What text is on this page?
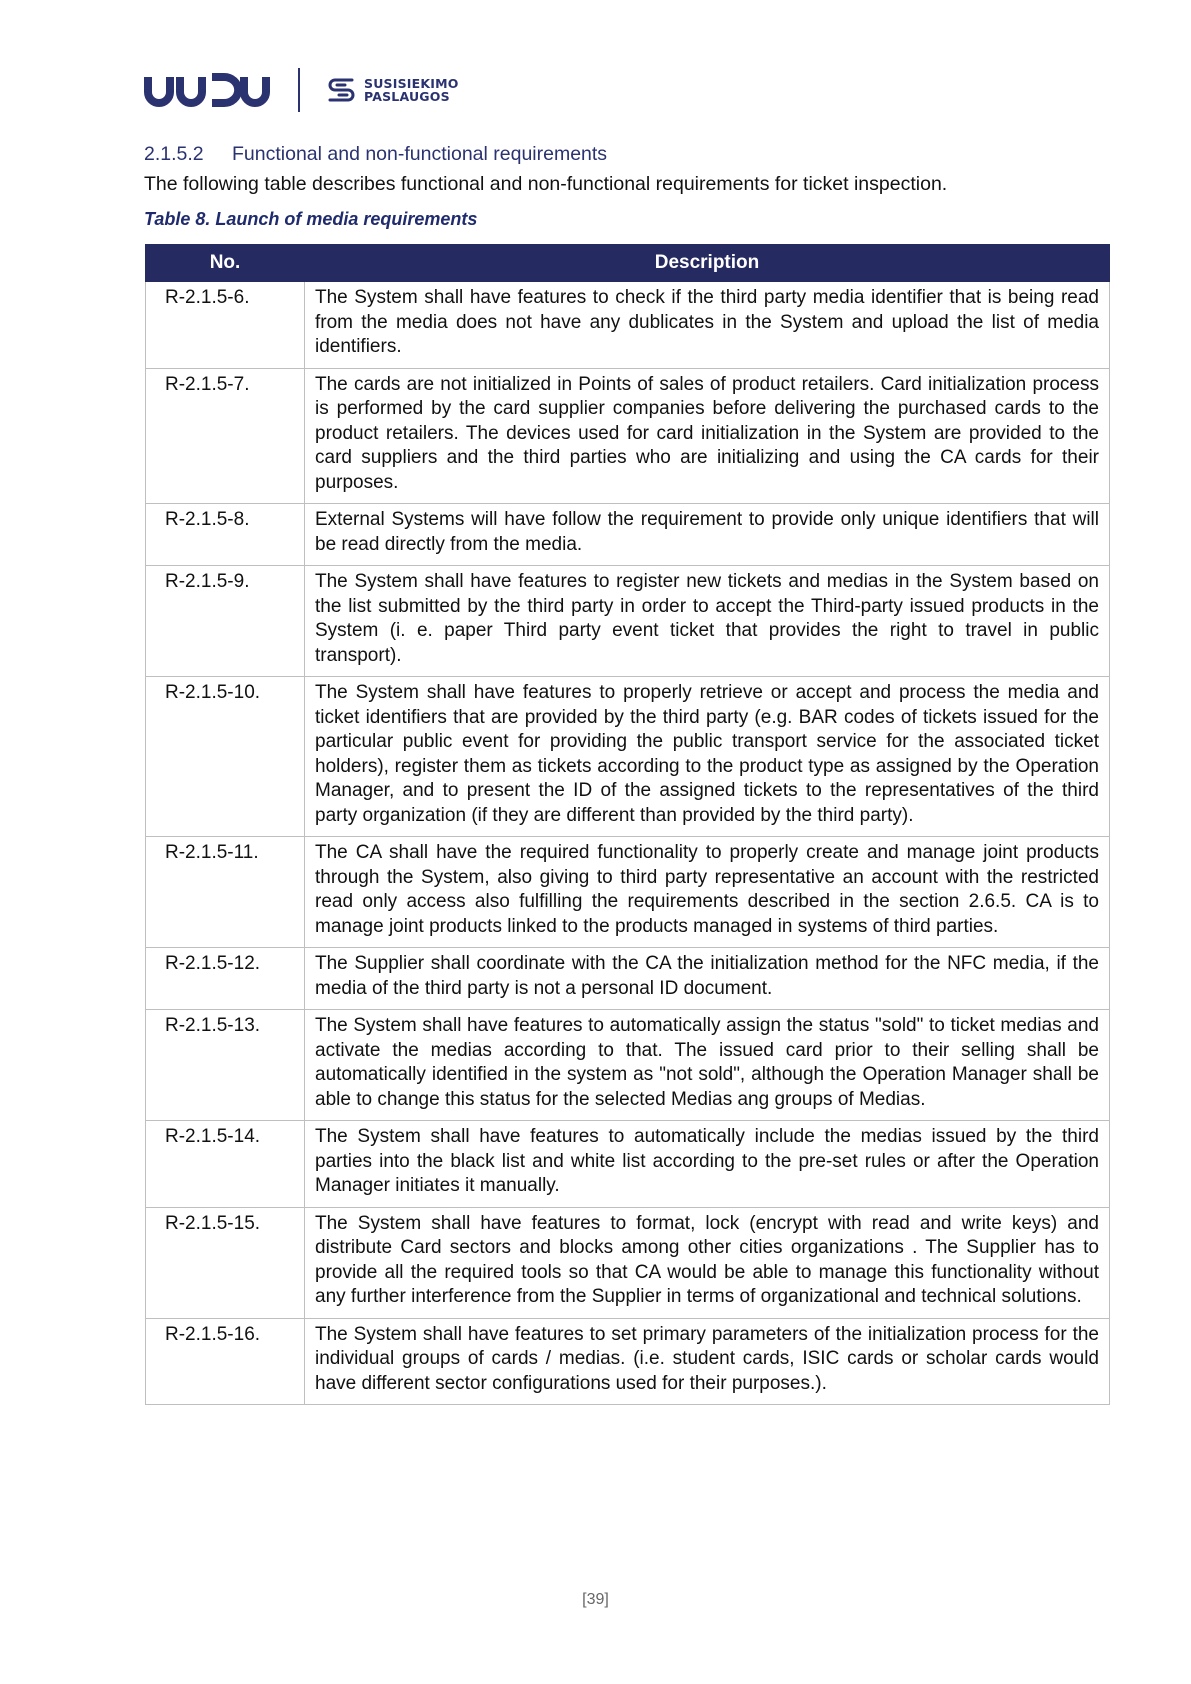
SUSISIEKIMO
PASLAUGOS
2.1.5.2	Functional and non-functional requirements
The following table describes functional and non-functional requirements for ticket inspection.
Table 8. Launch of media requirements
No.	Description
R-2.1.5-6.	The System shall have features to check if the third party media identifier that is being read from the media does not have any dublicates in the System and upload the list of media identifiers.
R-2.1.5-7.	The cards are not initialized in Points of sales of product retailers. Card initialization process is performed by the card supplier companies before delivering the purchased cards to the product retailers. The devices used for card initialization in the System are provided to the card suppliers and the third parties who are initializing and using the CA cards for their purposes.
R-2.1.5-8.	External Systems will have follow the requirement to provide only unique identifiers that will be read directly from the media.
R-2.1.5-9.	The System shall have features to register new tickets and medias in the System based on the list submitted by the third party in order to accept the Third-party issued products in the System (i. e. paper Third party event ticket that provides the right to travel in public transport).
R-2.1.5-10.	The System shall have features to properly retrieve or accept and process the media and ticket identifiers that are provided by the third party (e.g. BAR codes of tickets issued for the particular public event for providing the public transport service for the associated ticket holders), register them as tickets according to the product type as assigned by the Operation Manager, and to present the ID of the assigned tickets to the representatives of the third party organization (if they are different than provided by the third party).
R-2.1.5-11.	The CA shall have the required functionality to properly create and manage joint products through the System, also giving to third party representative an account with the restricted read only access also fulfilling the requirements described in the section 2.6.5. CA is to manage joint products linked to the products managed in systems of third parties.
R-2.1.5-12.	The Supplier shall coordinate with the CA the initialization method for the NFC media, if the media of the third party is not a personal ID document.
R-2.1.5-13.	The System shall have features to automatically assign the status "sold" to ticket medias and activate the medias according to that. The issued card prior to their selling shall be automatically identified in the system as "not sold", although the Operation Manager shall be able to change this status for the selected Medias ang groups of Medias.
R-2.1.5-14.	The System shall have features to automatically include the medias issued by the third parties into the black list and white list according to the pre-set rules or after the Operation Manager initiates it manually.
R-2.1.5-15.	The System shall have features to format, lock (encrypt with read and write keys) and distribute Card sectors and blocks among other cities organizations . The Supplier has to provide all the required tools so that CA would be able to manage this functionality without any further interference from the Supplier in terms of organizational and technical solutions.
R-2.1.5-16.	The System shall have features to set primary parameters of the initialization process for the individual groups of cards / medias. (i.e. student cards, ISIC cards or scholar cards would have different sector configurations used for their purposes.).
[39]
